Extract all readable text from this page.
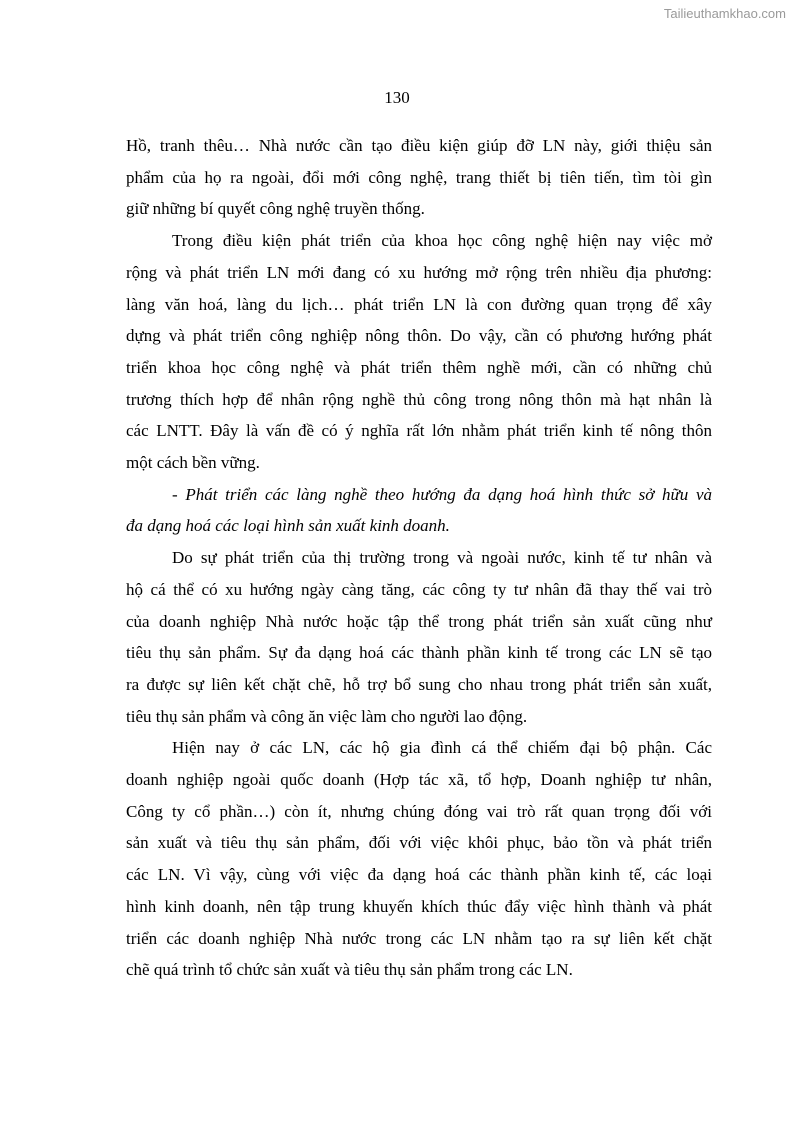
Tailieuthamkhao.com
130

Hồ, tranh thêu… Nhà nước cần tạo điều kiện giúp đỡ LN này, giới thiệu sản
phẩm của họ ra ngoài, đổi mới công nghệ, trang thiết bị tiên tiến, tìm tòi gìn
giữ những bí quyết công nghệ truyền thống.

Trong điều kiện phát triển của khoa học công nghệ hiện nay việc mở
rộng và phát triển LN mới đang có xu hướng mở rộng trên nhiều địa phương:
làng văn hoá, làng du lịch… phát triển LN là con đường quan trọng để xây
dựng và phát triển công nghiệp nông thôn. Do vậy, cần có phương hướng phát
triển khoa học công nghệ và phát triển thêm nghề mới, cần có những chủ
trương thích hợp để nhân rộng nghề thủ công trong nông thôn mà hạt nhân là
các LNTT. Đây là vấn đề có ý nghĩa rất lớn nhằm phát triển kinh tế nông thôn
một cách bền vững.

- Phát triển các làng nghề theo hướng đa dạng hoá hình thức sở hữu và
đa dạng hoá các loại hình sản xuất kinh doanh.

Do sự phát triển của thị trường trong và ngoài nước, kinh tế tư nhân và
hộ cá thể có xu hướng ngày càng tăng, các công ty tư nhân đã thay thế vai trò
của doanh nghiệp Nhà nước hoặc tập thể trong phát triển sản xuất cũng như
tiêu thụ sản phẩm. Sự đa dạng hoá các thành phần kinh tế trong các LN sẽ tạo
ra được sự liên kết chặt chẽ, hỗ trợ bổ sung cho nhau trong phát triển sản xuất,
tiêu thụ sản phẩm và công ăn việc làm cho người lao động.

Hiện nay ở các LN, các hộ gia đình cá thể chiếm đại bộ phận. Các
doanh nghiệp ngoài quốc doanh (Hợp tác xã, tổ hợp, Doanh nghiệp tư nhân,
Công ty cổ phần…) còn ít, nhưng chúng đóng vai trò rất quan trọng đối với
sản xuất và tiêu thụ sản phẩm, đối với việc khôi phục, bảo tồn và phát triển
các LN. Vì vậy, cùng với việc đa dạng hoá các thành phần kinh tế, các loại
hình kinh doanh, nên tập trung khuyến khích thúc đẩy việc hình thành và phát
triển các doanh nghiệp Nhà nước trong các LN nhằm tạo ra sự liên kết chặt
chẽ quá trình tổ chức sản xuất và tiêu thụ sản phẩm trong các LN.
